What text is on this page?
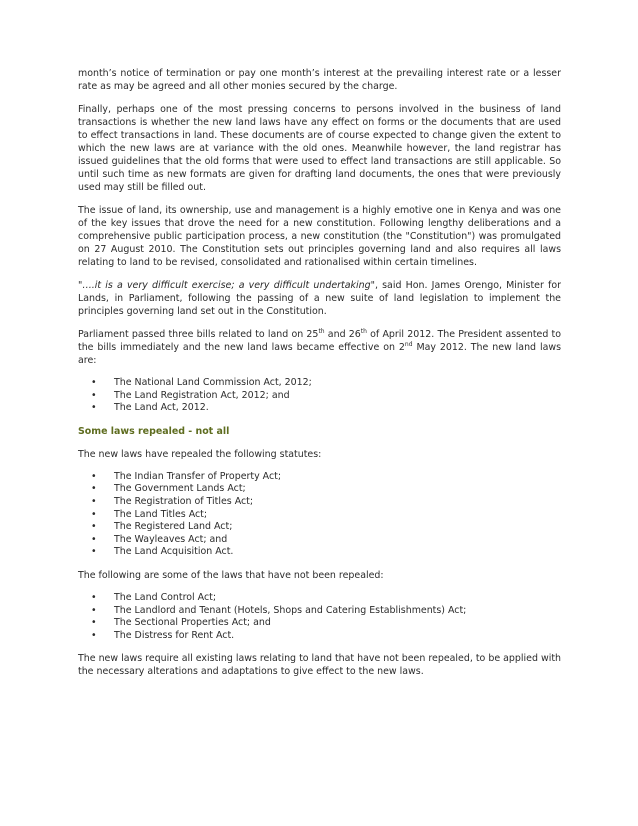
month’s notice of termination or pay one month’s interest at the prevailing interest rate or a lesser rate as may be agreed and all other monies secured by the charge.

Finally, perhaps one of the most pressing concerns to persons involved in the business of land transactions is whether the new land laws have any effect on forms or the documents that are used to effect transactions in land. These documents are of course expected to change given the extent to which the new laws are at variance with the old ones. Meanwhile however, the land registrar has issued guidelines that the old forms that were used to effect land transactions are still applicable. So until such time as new formats are given for drafting land documents, the ones that were previously used may still be filled out.

The issue of land, its ownership, use and management is a highly emotive one in Kenya and was one of the key issues that drove the need for a new constitution. Following lengthy deliberations and a comprehensive public participation process, a new constitution (the "Constitution") was promulgated on 27 August 2010. The Constitution sets out principles governing land and also requires all laws relating to land to be revised, consolidated and rationalised within certain timelines.

"….it is a very difficult exercise; a very difficult undertaking", said Hon. James Orengo, Minister for Lands, in Parliament, following the passing of a new suite of land legislation to implement the principles governing land set out in the Constitution.

Parliament passed three bills related to land on 25th and 26th of April 2012. The President assented to the bills immediately and the new land laws became effective on 2nd May 2012. The new land laws are:

• The National Land Commission Act, 2012;
• The Land Registration Act, 2012; and
• The Land Act, 2012.

Some laws repealed - not all

The new laws have repealed the following statutes:

• The Indian Transfer of Property Act;
• The Government Lands Act;
• The Registration of Titles Act;
• The Land Titles Act;
• The Registered Land Act;
• The Wayleaves Act; and
• The Land Acquisition Act.

The following are some of the laws that have not been repealed:

• The Land Control Act;
• The Landlord and Tenant (Hotels, Shops and Catering Establishments) Act;
• The Sectional Properties Act; and
• The Distress for Rent Act.

The new laws require all existing laws relating to land that have not been repealed, to be applied with the necessary alterations and adaptations to give effect to the new laws.
